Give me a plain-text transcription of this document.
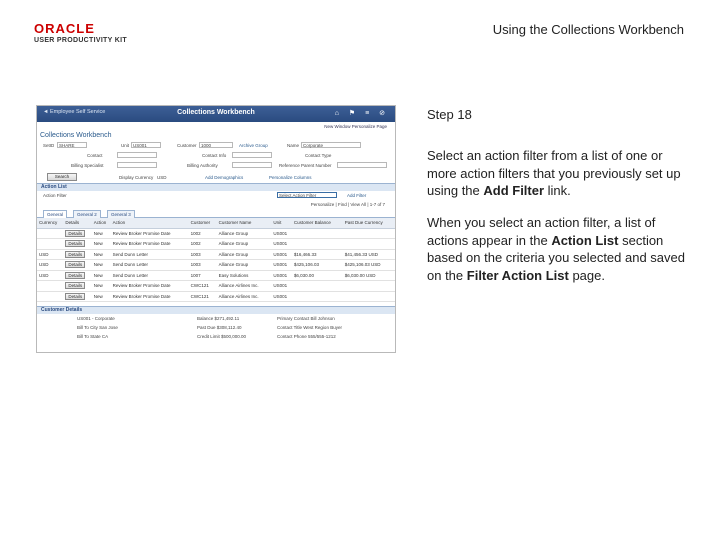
ORACLE
USER PRODUCTIVITY KIT
Using the Collections Workbench
◄ Employee Self Service	Collections Workbench	⌂ ⚑ ≡ ⊘
New Window Personalize Page
Collections Workbench
SetID SHARE	Unit US001	Customer 1000	Archive Group	Name Corporate
Contact	Contact Info	Contact Type
Billing Specialist	Billing Authority	Reference Parent Number
Search	Display Currency USD	Add Demographics	Personalize Columns
Action List
Action Filter	Select Action Filter	Add Filter
Personalize | Find | View All | 1-7 of 7
General	General 2	General 3
Currency	Details	Action	Action	Customer	Customer Name	Unit	Customer Balance	Past Due Currency
	Details	New	Review Broker Promise Date	1002	Alliance Group	US001		
	Details	New	Review Broker Promise Date	1002	Alliance Group	US001		
USD	Details	New	Send Dunn Letter	1003	Alliance Group	US001	$16,466.33	$41,456.33 USD
USD	Details	New	Send Dunn Letter	1003	Alliance Group	US001	$425,106.03	$425,106.03 USD
USD	Details	New	Send Dunn Letter	1007	Easy Solutions	US001	$6,030.00	$6,030.00 USD
	Details	New	Review Broker Promise Date	CWC121	Alliance Airlines Inc.	US001		
	Details	New	Review Broker Promise Date	CWC121	Alliance Airlines Inc.	US001		
Customer Details
US001 - Corporate	Balance $271,492.11	Primary Contact Bill Johnson
Bill To City San Jose	Past Due $308,112.40	Contact Title West Region Buyer
Bill To State CA	Credit Limit $500,000.00	Contact Phone 555/555-1212
Step 18
Select an action filter from a list of one or more action filters that you previously set up using the Add Filter link.
When you select an action filter, a list of actions appear in the Action List section based on the criteria you selected and saved on the Filter Action List page.
